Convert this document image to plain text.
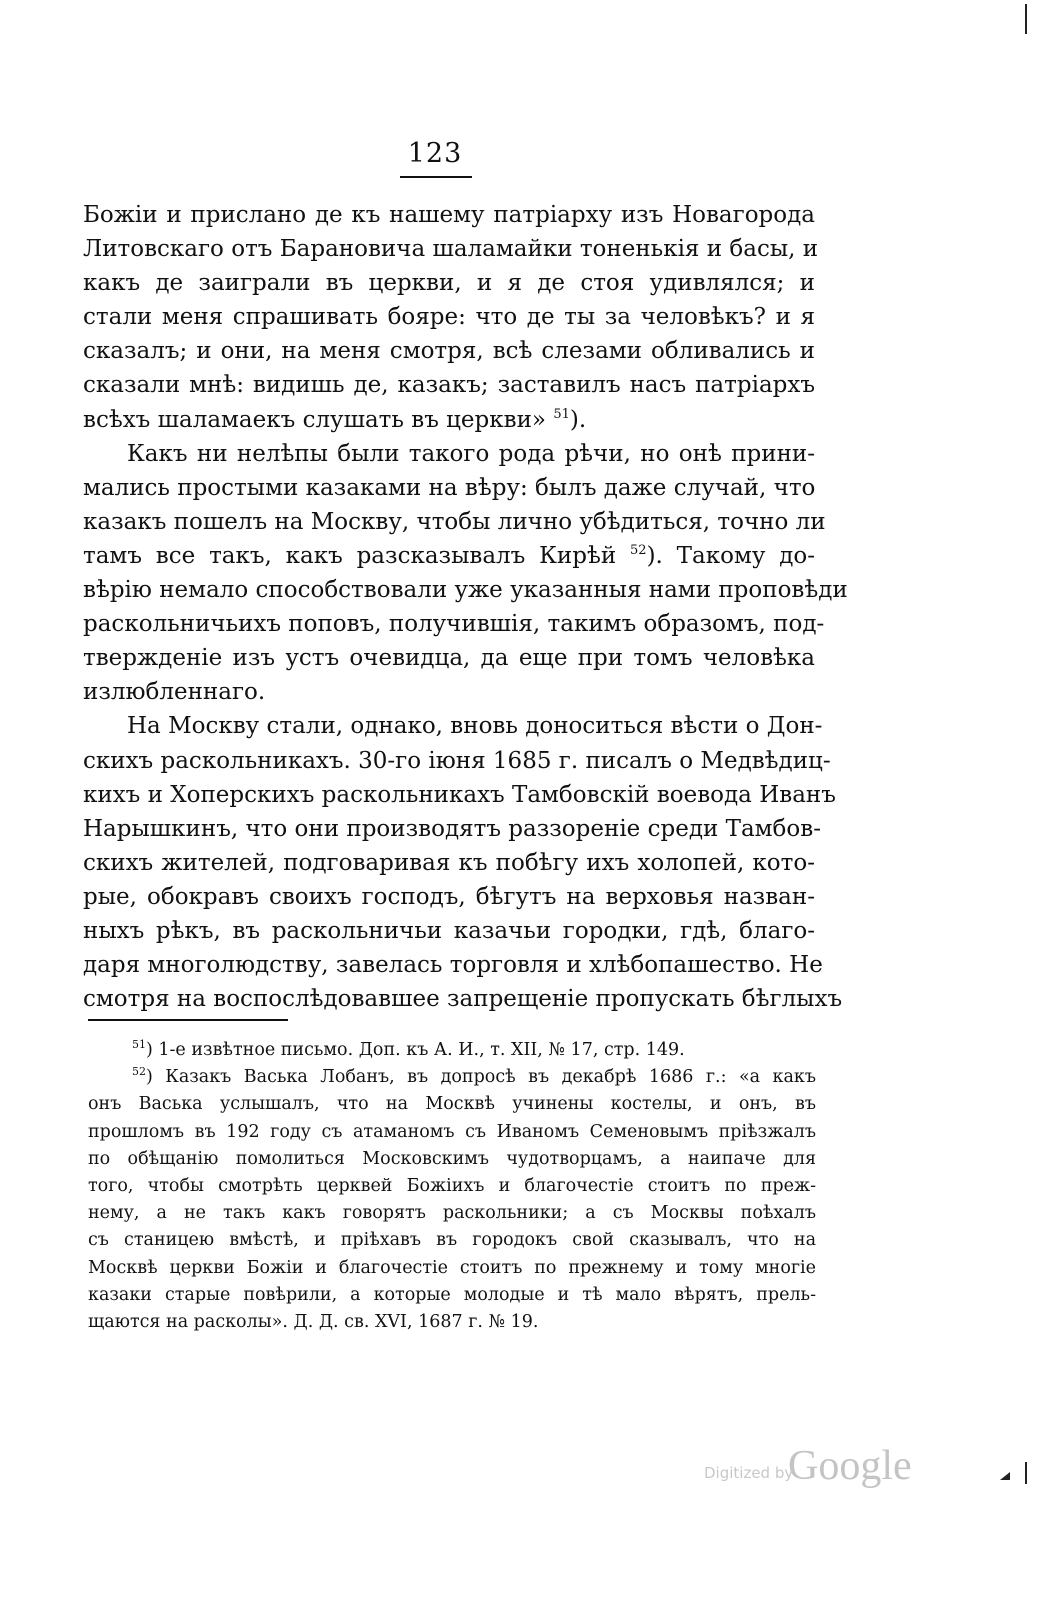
123
Божіи и прислано де къ нашему патріарху изъ Новагорода
Литовскаго отъ Барановича шаламайки тоненькія и басы, и
какъ де заиграли въ церкви, и я де стоя удивлялся; и
стали меня спрашивать бояре: что де ты за человѣкъ? и я
сказалъ; и они, на меня смотря, всѣ слезами обливались и
сказали мнѣ: видишь де, казакъ; заставилъ насъ патріархъ
всѣхъ шаламаекъ слушать въ церкви» $^{51}$).
Какъ ни нелѣпы были такого рода рѣчи, но онѣ прини-
мались простыми казаками на вѣру: былъ даже случай, что
казакъ пошелъ на Москву, чтобы лично убѣдиться, точно ли
тамъ все такъ, какъ разсказывалъ Кирѣй $^{52}$). Такому до-
вѣрію немало способствовали уже указанныя нами проповѣди
раскольничьихъ поповъ, получившія, такимъ образомъ, под-
твержденіе изъ устъ очевидца, да еще при томъ человѣка
излюбленнаго.
На Москву стали, однако, вновь доноситься вѣсти о Дон-
скихъ раскольникахъ. 30-го іюня 1685 г. писалъ о Медвѣдиц-
кихъ и Хоперскихъ раскольникахъ Тамбовскій воевода Иванъ
Нарышкинъ, что они производятъ раззореніе среди Тамбов-
скихъ жителей, подговаривая къ побѣгу ихъ холопей, кото-
рые, обокравъ своихъ господъ, бѣгутъ на верховья назван-
ныхъ рѣкъ, въ раскольничьи казачьи городки, гдѣ, благо-
даря многолюдству, завелась торговля и хлѣбопашество. Не
смотря на воспослѣдовавшее запрещеніе пропускать бѣглыхъ
$^{51}$) 1-е извѣтное письмо. Доп. къ А. И., т. XII, № 17, стр. 149.
$^{52}$) Казакъ Васька Лобанъ, въ допросѣ въ декабрѣ 1686 г.: «а какъ
онъ Васька услышалъ, что на Москвѣ учинены костелы, и онъ, въ
прошломъ въ 192 году съ атаманомъ съ Иваномъ Семеновымъ пріѣзжалъ
по обѣщанію помолиться Московскимъ чудотворцамъ, а наипаче для
того, чтобы смотрѣть церквей Божіихъ и благочестіе стоитъ по преж-
нему, а не такъ какъ говорятъ раскольники; а съ Москвы поѣхалъ
съ станицею вмѣстѣ, и пріѣхавъ въ городокъ свой сказывалъ, что на
Москвѣ церкви Божіи и благочестіе стоитъ по прежнему и тому многіе
казаки старые повѣрили, а которые молодые и тѣ мало вѣрятъ, прель-
щаются на расколы». Д. Д. св. XVI, 1687 г. № 19.
Digitized by
Google
